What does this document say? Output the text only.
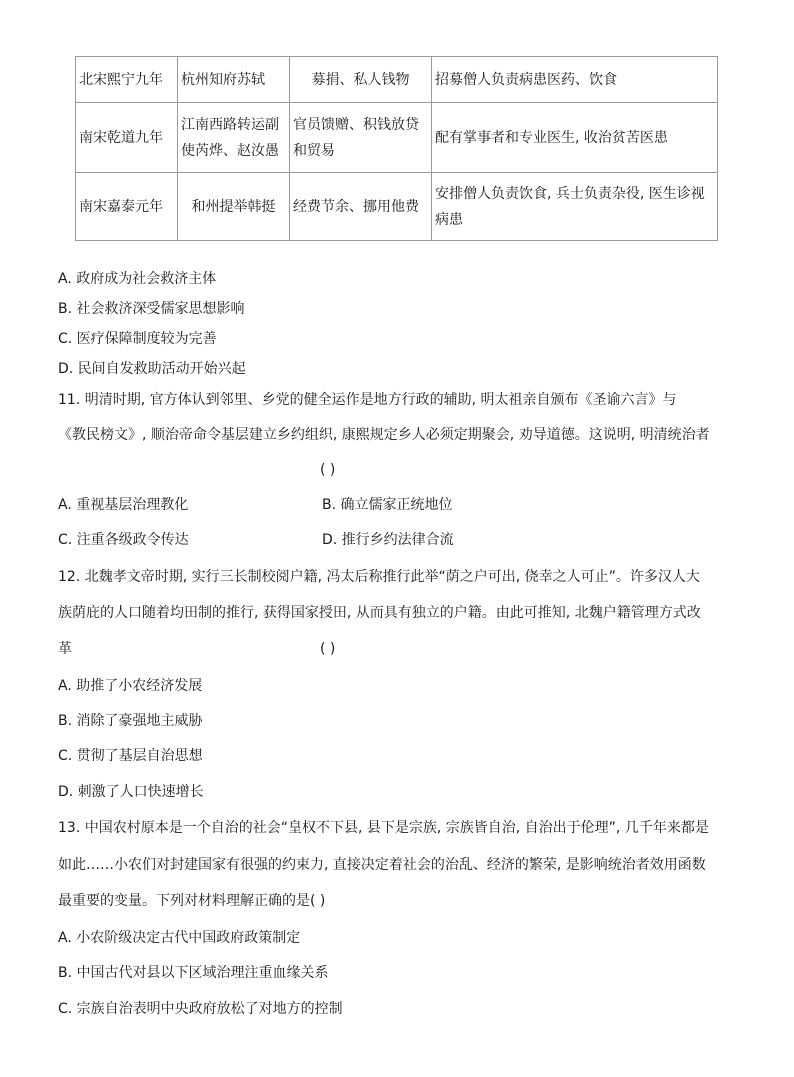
北宋熙宁九年	杭州知府苏轼	募捐、私人钱物	招募僧人负责病患医药、饮食
南宋乾道九年	江南西路转运副使芮烨、赵汝愚	官员馈赠、积钱放贷和贸易	配有掌事者和专业医生, 收治贫苦医患
南宋嘉泰元年	和州提举韩挺	经费节余、挪用他费	安排僧人负责饮食, 兵士负责杂役, 医生诊视病患
A. 政府成为社会救济主体
B. 社会救济深受儒家思想影响
C. 医疗保障制度较为完善
D. 民间自发救助活动开始兴起
11. 明清时期, 官方体认到邻里、乡党的健全运作是地方行政的辅助, 明太祖亲自颁布《圣谕六言》与
《教民榜文》, 顺治帝命令基层建立乡约组织, 康熙规定乡人必须定期聚会, 劝导道德。这说明, 明清统治者
( )
A. 重视基层治理教化	B. 确立儒家正统地位
C. 注重各级政令传达	D. 推行乡约法律合流
12. 北魏孝文帝时期, 实行三长制校阅户籍, 冯太后称推行此举“荫之户可出, 侥幸之人可止”。许多汉人大
族荫庇的人口随着均田制的推行, 获得国家授田, 从而具有独立的户籍。由此可推知, 北魏户籍管理方式改
革	( )
A. 助推了小农经济发展
B. 消除了豪强地主威胁
C. 贯彻了基层自治思想
D. 刺激了人口快速增长
13. 中国农村原本是一个自治的社会“皇权不下县, 县下是宗族, 宗族皆自治, 自治出于伦理”, 几千年来都是
如此……小农们对封建国家有很强的约束力, 直接决定着社会的治乱、经济的繁荣, 是影响统治者效用函数
最重要的变量。下列对材料理解正确的是( )
A. 小农阶级决定古代中国政府政策制定
B. 中国古代对县以下区域治理注重血缘关系
C. 宗族自治表明中央政府放松了对地方的控制
